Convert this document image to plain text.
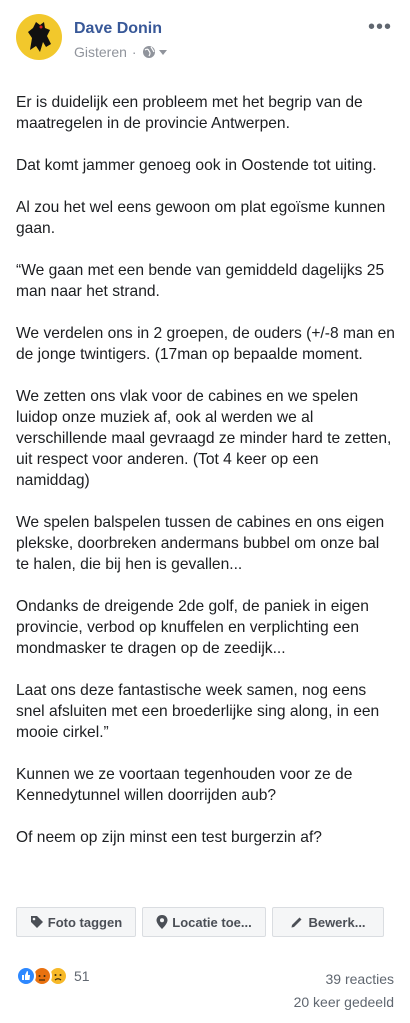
Dave Donin
Gisteren ·
•••

Er is duidelijk een probleem met het begrip van de maatregelen in de provincie Antwerpen.

Dat komt jammer genoeg ook in Oostende tot uiting.

Al zou het wel eens gewoon om plat egoïsme kunnen gaan.

“We gaan met een bende van gemiddeld dagelijks 25 man naar het strand.

We verdelen ons in 2 groepen, de ouders (+/-8 man en de jonge twintigers. (17man op bepaalde moment.

We zetten ons vlak voor de cabines en we spelen luidop onze muziek af, ook al werden we al verschillende maal gevraagd ze minder hard te zetten, uit respect voor anderen. (Tot 4 keer op een namiddag)

We spelen balspelen tussen de cabines en ons eigen plekske, doorbreken andermans bubbel om onze bal te halen, die bij hen is gevallen...

Ondanks de dreigende 2de golf, de paniek in eigen provincie, verbod op knuffelen en verplichting een mondmasker te dragen op de zeedijk...

Laat ons deze fantastische week samen, nog eens snel afsluiten met een broederlijke sing along, in een mooie cirkel.”

Kunnen we ze voortaan tegenhouden voor ze de Kennedytunnel willen doorrijden aub?

Of neem op zijn minst een test burgerzin af?

Foto taggen	Locatie toe...	Bewerk...
51	39 reacties
20 keer gedeeld
